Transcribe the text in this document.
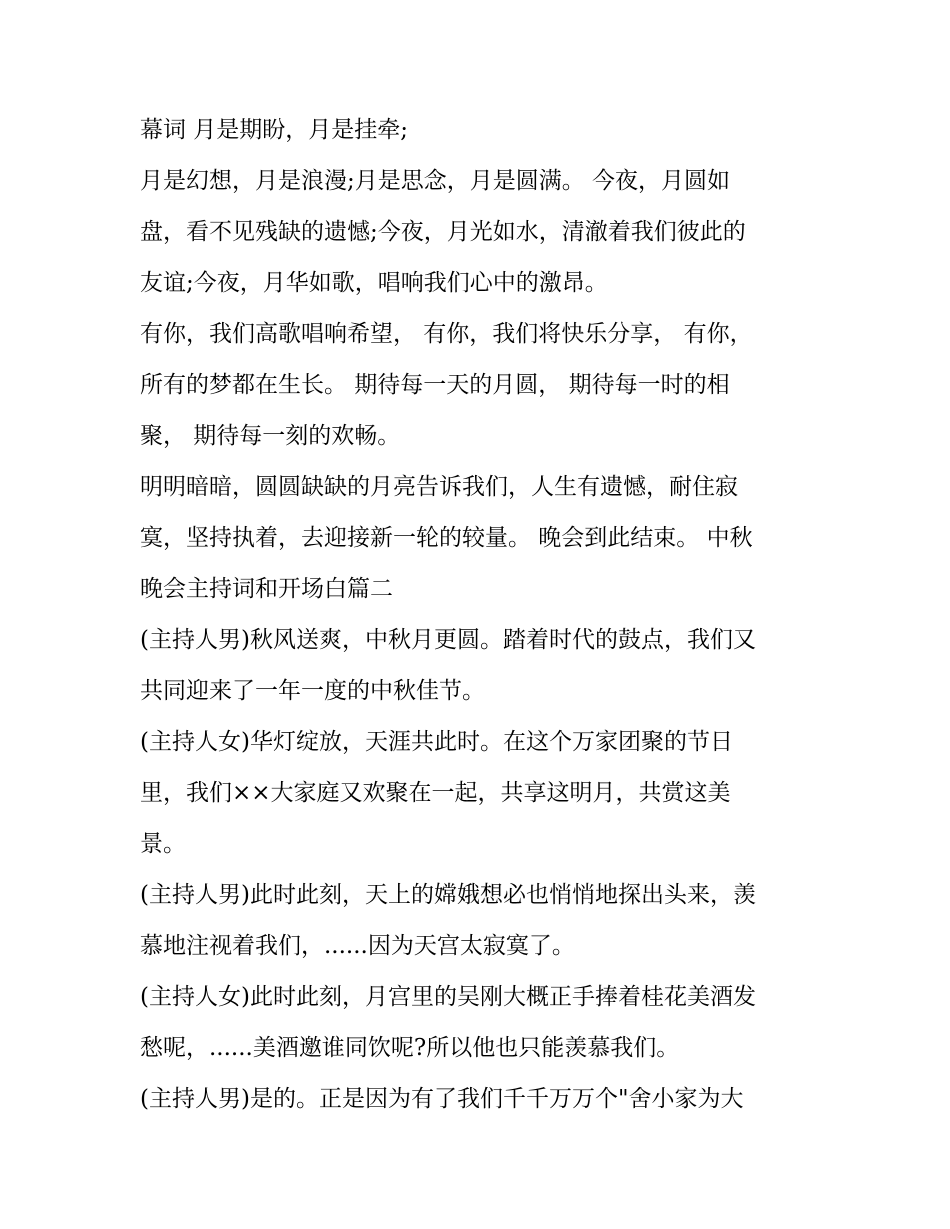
幕词 月是期盼，月是挂牵;
月是幻想，月是浪漫;月是思念，月是圆满。 今夜，月圆如
盘，看不见残缺的遗憾;今夜，月光如水，清澈着我们彼此的
友谊;今夜，月华如歌，唱响我们心中的激昂。
有你，我们高歌唱响希望， 有你，我们将快乐分享， 有你，
所有的梦都在生长。 期待每一天的月圆， 期待每一时的相
聚， 期待每一刻的欢畅。
明明暗暗，圆圆缺缺的月亮告诉我们，人生有遗憾，耐住寂
寞，坚持执着，去迎接新一轮的较量。 晚会到此结束。 中秋
晚会主持词和开场白篇二
(主持人男)秋风送爽，中秋月更圆。踏着时代的鼓点，我们又
共同迎来了一年一度的中秋佳节。
(主持人女)华灯绽放，天涯共此时。在这个万家团聚的节日
里，我们××大家庭又欢聚在一起，共享这明月，共赏这美
景。
(主持人男)此时此刻，天上的嫦娥想必也悄悄地探出头来，羡
慕地注视着我们，......因为天宫太寂寞了。
(主持人女)此时此刻，月宫里的吴刚大概正手捧着桂花美酒发
愁呢，......美酒邀谁同饮呢?所以他也只能羡慕我们。
(主持人男)是的。正是因为有了我们千千万万个"舍小家为大
